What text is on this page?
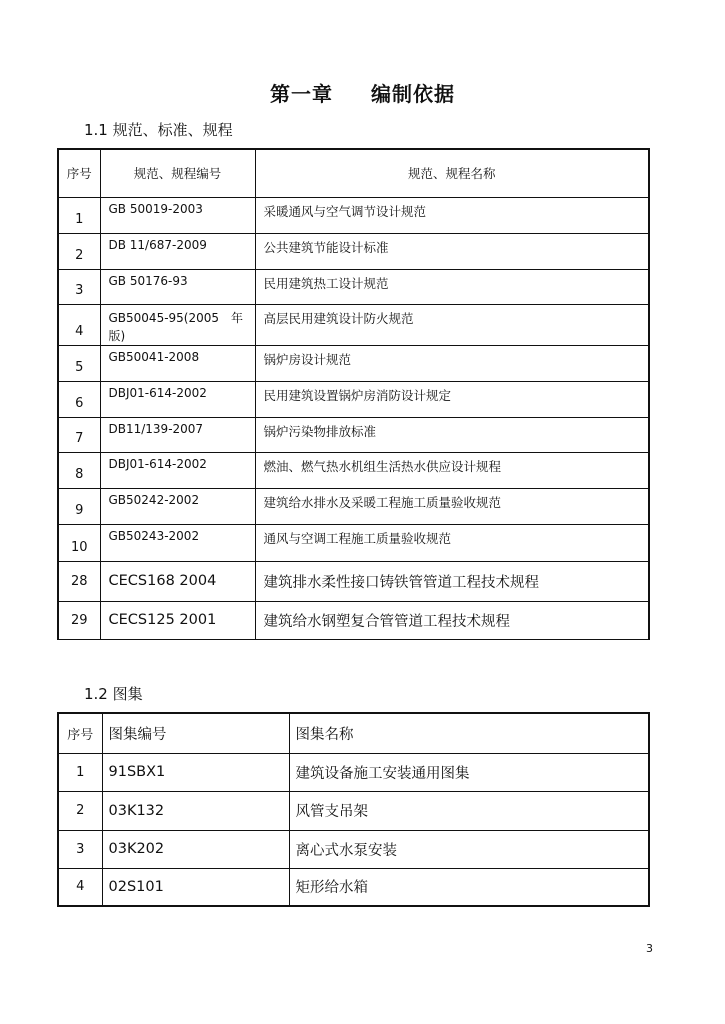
第一章 编制依据
1.1 规范、标准、规程
序号	规范、规程编号	规范、规程名称
1	GB 50019-2003	采暖通风与空气调节设计规范
2	DB 11/687-2009	公共建筑节能设计标准
3	GB 50176-93	民用建筑热工设计规范
4	GB50045-95(2005　年版)	高层民用建筑设计防火规范
5	GB50041-2008	锅炉房设计规范
6	DBJ01-614-2002	民用建筑设置锅炉房消防设计规定
7	DB11/139-2007	锅炉污染物排放标准
8	DBJ01-614-2002	燃油、燃气热水机组生活热水供应设计规程
9	GB50242-2002	建筑给水排水及采暖工程施工质量验收规范
10	GB50243-2002	通风与空调工程施工质量验收规范
28	CECS168 2004	建筑排水柔性接口铸铁管管道工程技术规程
29	CECS125 2001	建筑给水钢塑复合管管道工程技术规程
1.2 图集
序号	图集编号	图集名称
1	91SBX1	建筑设备施工安装通用图集
2	03K132	风管支吊架
3	03K202	离心式水泵安装
4	02S101	矩形给水箱
3
